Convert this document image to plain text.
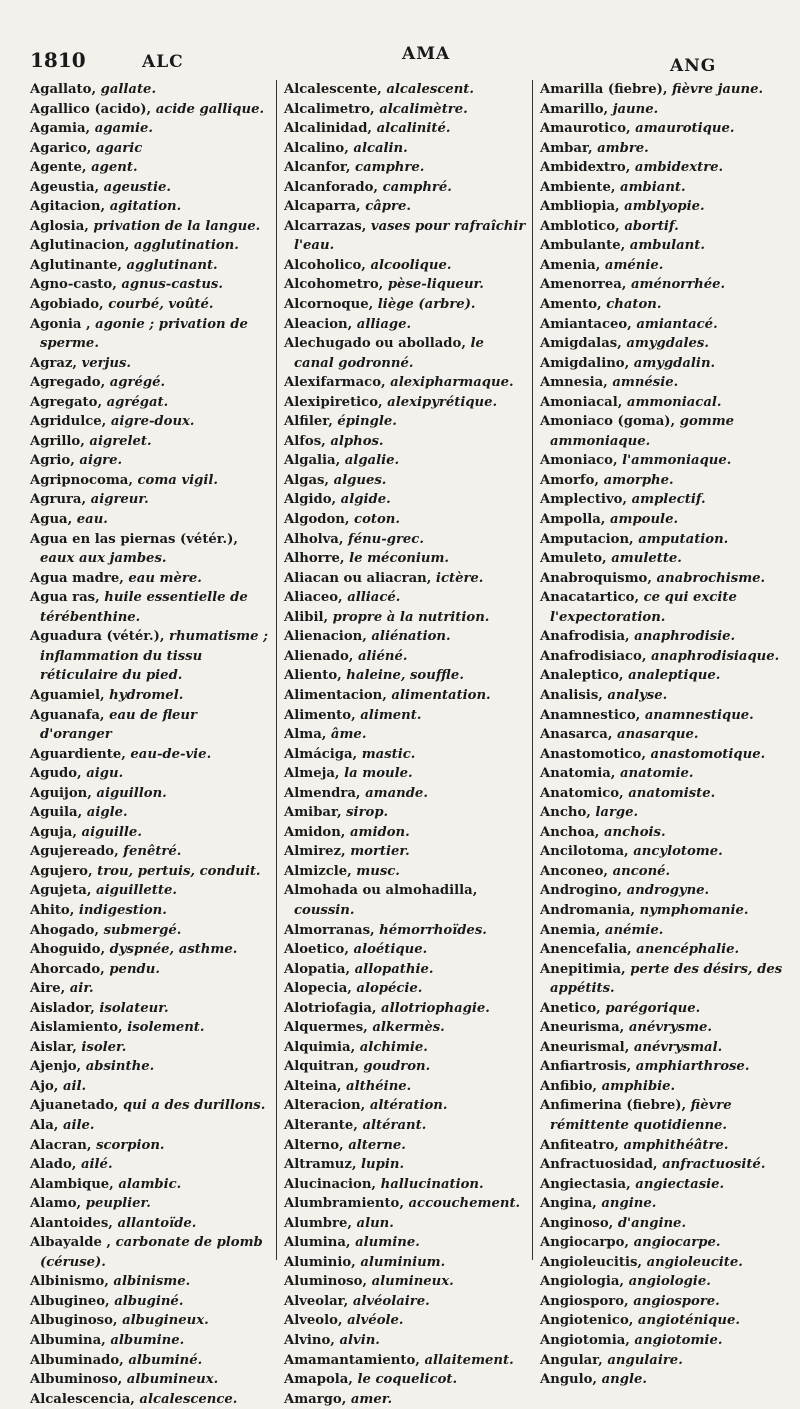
1810	ALC	AMA
ANG

Agallato, gallate.

Agallico (acido), acide gallique.

Agamia, agamie.

Agarico, agaric

Agente, agent.

Ageustia, ageustie.

Agitacion, agitation.

Aglosia, privation de la langue.

Aglutinacion, agglutination.

Aglutinante, agglutinant.

Agno-casto, agnus-castus.

Agobiado, courbé, voûté.

Agonia , agonie ; privation de sperme.

Agraz, verjus.

Agregado, agrégé.

Agregato, agrégat.

Agridulce, aigre-doux.

Agrillo, aigrelet.

Agrio, aigre.

Agripnocoma, coma vigil.

Agrura, aigreur.

Agua, eau.

Agua en las piernas (vétér.), eaux aux jambes.

Agua madre, eau mère.

Agua ras, huile essentielle de térébenthine.

Aguadura (vétér.), rhumatisme ; inflammation du tissu réticulaire du pied.

Aguamiel, hydromel.

Aguanafa, eau de fleur d'oranger

Aguardiente, eau-de-vie.

Agudo, aigu.

Aguijon, aiguillon.

Aguila, aigle.

Aguja, aiguille.

Agujereado, fenêtré.

Agujero, trou, pertuis, conduit.

Agujeta, aiguillette.

Ahito, indigestion.

Ahogado, submergé.

Ahoguido, dyspnée, asthme.

Ahorcado, pendu.

Aire, air.

Aislador, isolateur.

Aislamiento, isolement.

Aislar, isoler.

Ajenjo, absinthe.

Ajo, ail.

Ajuanetado, qui a des durillons.

Ala, aile.

Alacran, scorpion.

Alado, ailé.

Alambique, alambic.

Alamo, peuplier.

Alantoides, allantoïde.

Albayalde , carbonate de plomb (céruse).

Albinismo, albinisme.

Albugineo, albuginé.

Albuginoso, albugineux.

Albumina, albumine.

Albuminado, albuminé.

Albuminoso, albumineux.

Alcalescencia, alcalescence.

Alcalescente, alcalescent.

Alcalimetro, alcalimètre.

Alcalinidad, alcalinité.

Alcalino, alcalin.

Alcanfor, camphre.

Alcanforado, camphré.

Alcaparra, câpre.

Alcarrazas, vases pour rafraîchir l'eau.

Alcoholico, alcoolique.

Alcohometro, pèse-liqueur.

Alcornoque, liège (arbre).

Aleacion, alliage.

Alechugado ou abollado, le canal godronné.

Alexifarmaco, alexipharmaque.

Alexipiretico, alexipyrétique.

Alfiler, épingle.

Alfos, alphos.

Algalia, algalie.

Algas, algues.

Algido, algide.

Algodon, coton.

Alholva, fénu-grec.

Alhorre, le méconium.

Aliacan ou aliacran, ictère.

Aliaceo, alliacé.

Alibil, propre à la nutrition.

Alienacion, aliénation.

Alienado, aliéné.

Aliento, haleine, souffle.

Alimentacion, alimentation.

Alimento, aliment.

Alma, âme.

Almáciga, mastic.

Almeja, la moule.

Almendra, amande.

Amibar, sirop.

Amidon, amidon.

Almirez, mortier.

Almizcle, musc.

Almohada ou almohadilla, coussin.

Almorranas, hémorrhoïdes.

Aloetico, aloétique.

Alopatia, allopathie.

Alopecia, alopécie.

Alotriofagia, allotriophagie.

Alquermes, alkermès.

Alquimia, alchimie.

Alquitran, goudron.

Alteina, althéine.

Alteracion, altération.

Alterante, altérant.

Alterno, alterne.

Altramuz, lupin.

Alucinacion, hallucination.

Alumbramiento, accouchement.

Alumbre, alun.

Alumina, alumine.

Aluminio, aluminium.

Aluminoso, alumineux.

Alveolar, alvéolaire.

Alveolo, alvéole.

Alvino, alvin.

Amamantamiento, allaitement.

Amapola, le coquelicot.

Amargo, amer.

Amarilla (fiebre), fièvre jaune.

Amarillo, jaune.

Amaurotico, amaurotique.

Ambar, ambre.

Ambidextro, ambidextre.

Ambiente, ambiant.

Ambliopia, amblyopie.

Amblotico, abortif.

Ambulante, ambulant.

Amenia, aménie.

Amenorrea, aménorrhée.

Amento, chaton.

Amiantaceo, amiantacé.

Amigdalas, amygdales.

Amigdalino, amygdalin.

Amnesia, amnésie.

Amoniacal, ammoniacal.

Amoniaco (goma), gomme ammoniaque.

Amoniaco, l'ammoniaque.

Amorfo, amorphe.

Amplectivo, amplectif.

Ampolla, ampoule.

Amputacion, amputation.

Amuleto, amulette.

Anabroquismo, anabrochisme.

Anacatartico, ce qui excite l'expectoration.

Anafrodisia, anaphrodisie.

Anafrodisiaco, anaphrodisiaque.

Analeptico, analeptique.

Analisis, analyse.

Anamnestico, anamnestique.

Anasarca, anasarque.

Anastomotico, anastomotique.

Anatomia, anatomie.

Anatomico, anatomiste.

Ancho, large.

Anchoa, anchois.

Ancilotoma, ancylotome.

Anconeo, anconé.

Androgino, androgyne.

Andromania, nymphomanie.

Anemia, anémie.

Anencefalia, anencéphalie.

Anepitimia, perte des désirs, des appétits.

Anetico, parégorique.

Aneurisma, anévrysme.

Aneurismal, anévrysmal.

Anfiartrosis, amphiarthrose.

Anfibio, amphibie.

Anfimerina (fiebre), fièvre rémittente quotidienne.

Anfiteatro, amphithéâtre.

Anfractuosidad, anfractuosité.

Angiectasia, angiectasie.

Angina, angine.

Anginoso, d'angine.

Angiocarpo, angiocarpe.

Angioleucitis, angioleucite.

Angiologia, angiologie.

Angiosporo, angiospore.

Angiotenico, angioténique.

Angiotomia, angiotomie.

Angular, angulaire.

Angulo, angle.
